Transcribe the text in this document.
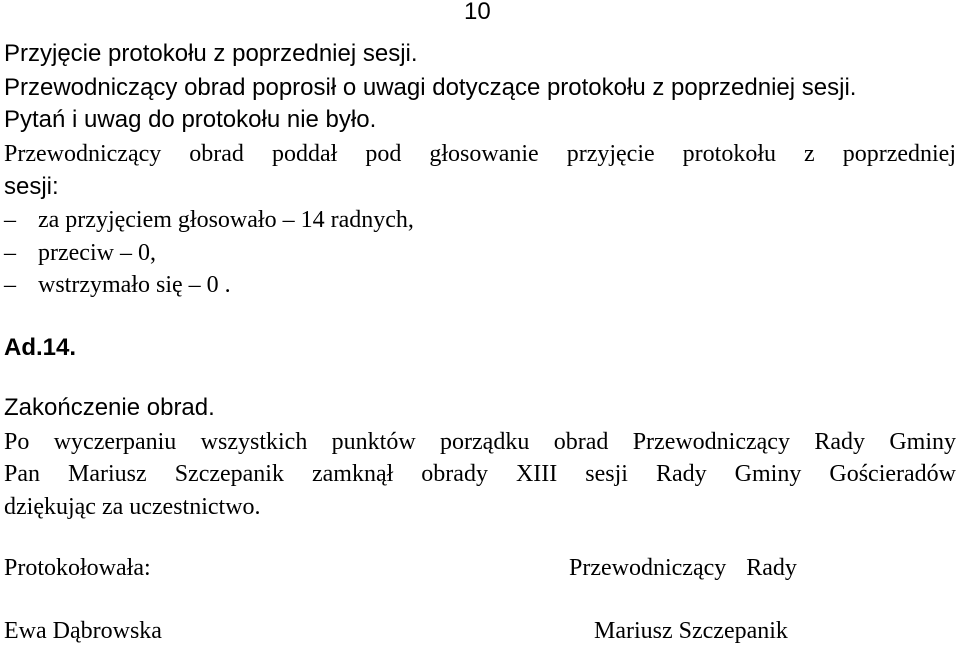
10
Przyjęcie protokołu z poprzedniej sesji.
Przewodniczący obrad poprosił o uwagi dotyczące protokołu z poprzedniej sesji.
Pytań i uwag do protokołu nie było.
Przewodniczący obrad poddał pod głosowanie przyjęcie protokołu z poprzedniej
sesji:
– za przyjęciem głosowało – 14 radnych,
– przeciw – 0,
– wstrzymało się – 0 .
Ad.14.
Zakończenie obrad.
Po wyczerpaniu wszystkich punktów porządku obrad Przewodniczący Rady Gminy
Pan Mariusz Szczepanik zamknął obrady XIII sesji Rady Gminy Gościeradów
dziękując za uczestnictwo.
Protokołowała:	Przewodniczący Rady
Ewa Dąbrowska	Mariusz Szczepanik
